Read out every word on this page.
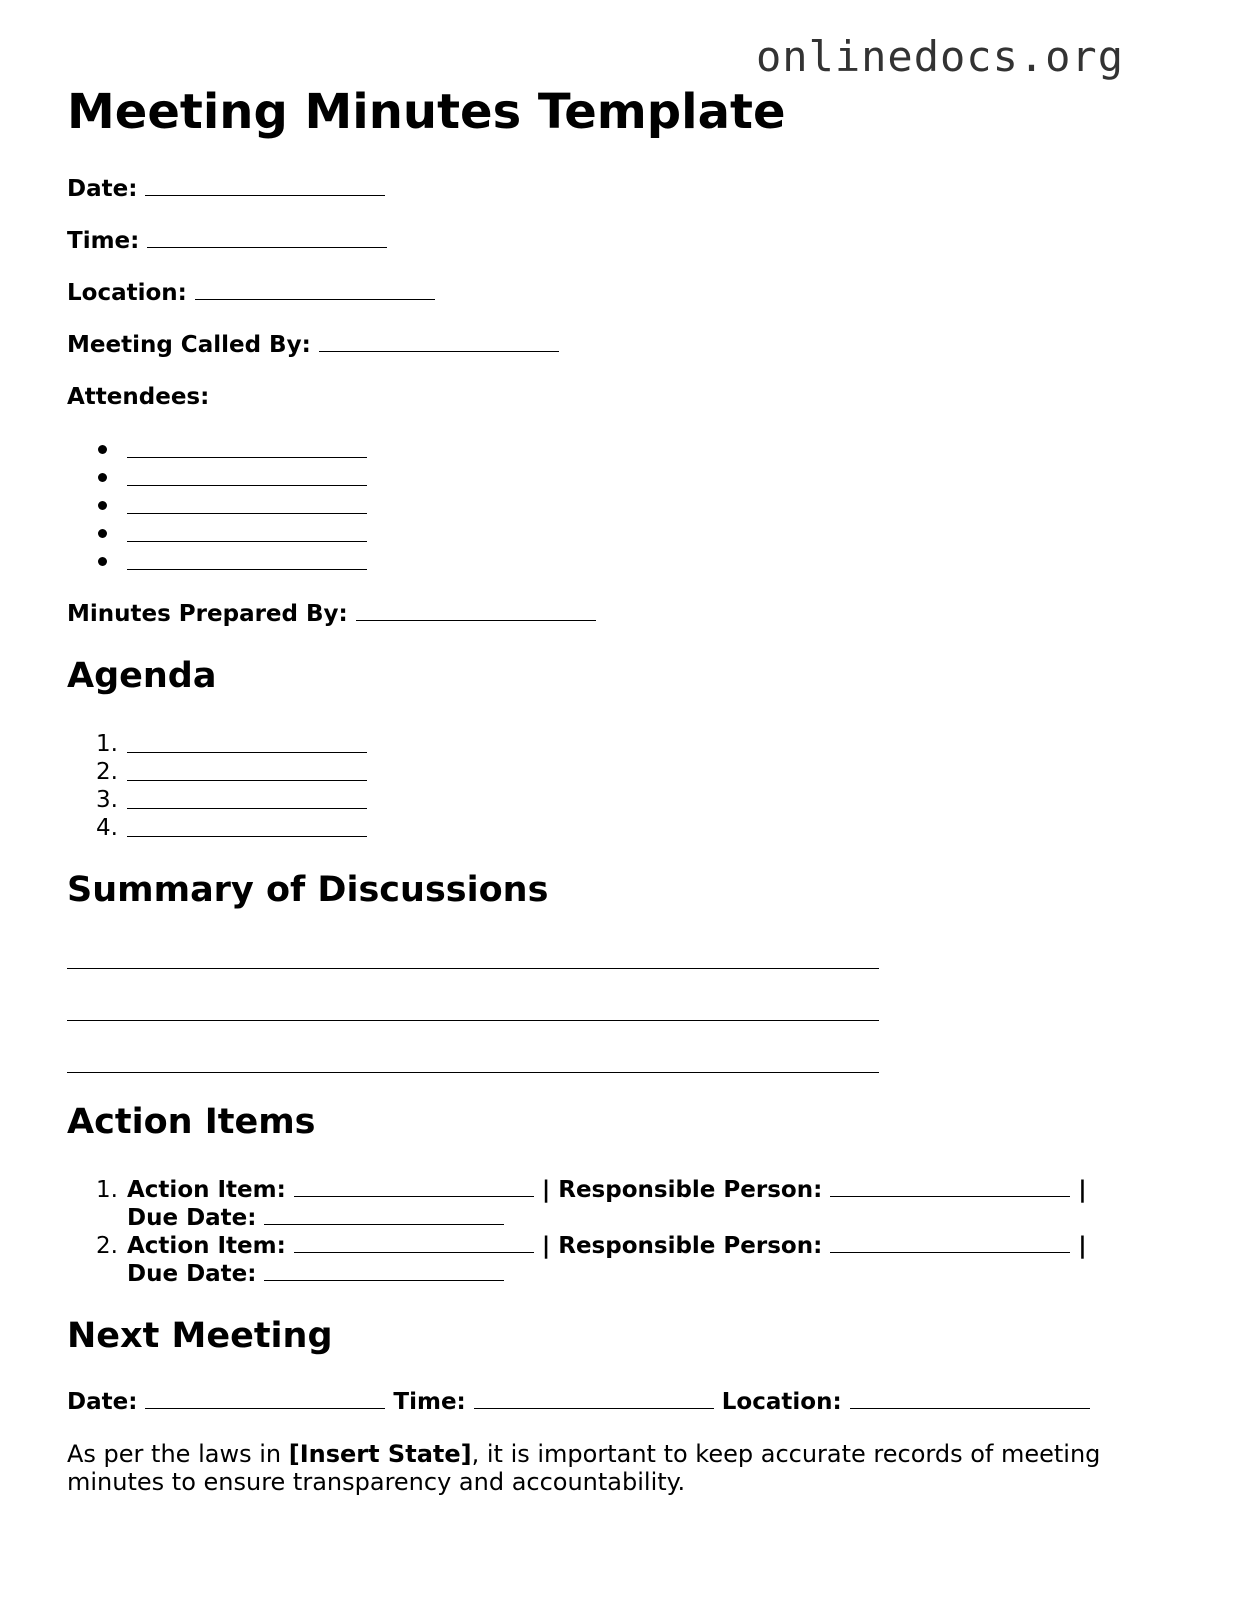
onlinedocs.org
Meeting Minutes Template
Date:
Time:
Location:
Meeting Called By:
Attendees:
Minutes Prepared By:
Agenda
1.
2.
3.
4.
Summary of Discussions
Action Items
1. Action Item:	| Responsible Person:	|
Due Date:
2. Action Item:	| Responsible Person:	|
Due Date:
Next Meeting
Date:	Time:	Location:
As per the laws in [Insert State], it is important to keep accurate records of meeting minutes to ensure transparency and accountability.
